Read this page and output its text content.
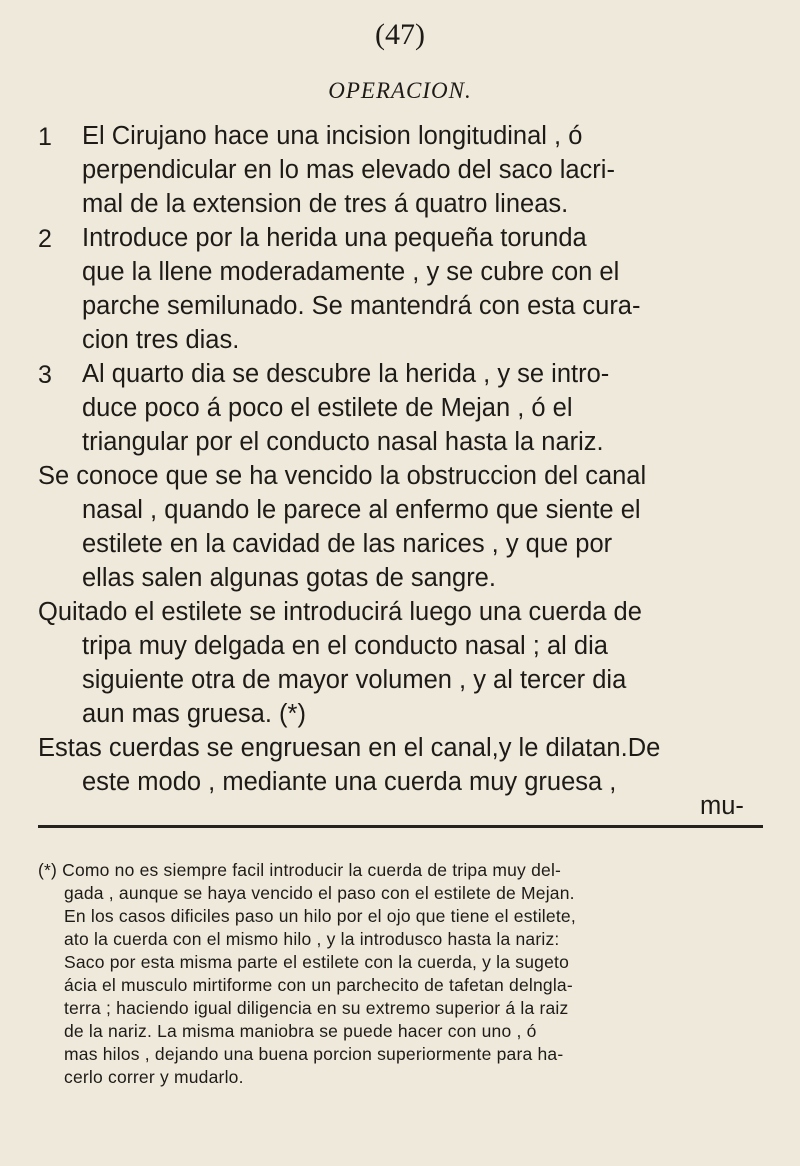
(47)
OPERACION.
1 El Cirujano hace una incision longitudinal , ó
perpendicular en lo mas elevado del saco lacri-
mal de la extension de tres á quatro lineas.
2 Introduce por la herida una pequeña torunda
que la llene moderadamente , y se cubre con el
parche semilunado. Se mantendrá con esta cura-
cion tres dias.
3 Al quarto dia se descubre la herida , y se intro-
duce poco á poco el estilete de Mejan , ó el
triangular por el conducto nasal hasta la nariz.
Se conoce que se ha vencido la obstruccion del canal
nasal , quando le parece al enfermo que siente el
estilete en la cavidad de las narices , y que por
ellas salen algunas gotas de sangre.
Quitado el estilete se introducirá luego una cuerda de
tripa muy delgada en el conducto nasal ; al dia
siguiente otra de mayor volumen , y al tercer dia
aun mas gruesa. (*)
Estas cuerdas se engruesan en el canal,y le dilatan.De
este modo , mediante una cuerda muy gruesa ,
mu-
(*) Como no es siempre facil introducir la cuerda de tripa muy del-
gada , aunque se haya vencido el paso con el estilete de Mejan.
En los casos dificiles paso un hilo por el ojo que tiene el estilete,
ato la cuerda con el mismo hilo , y la introdusco hasta la nariz:
Saco por esta misma parte el estilete con la cuerda, y la sugeto
ácia el musculo mirtiforme con un parchecito de tafetan delngla-
terra ; haciendo igual diligencia en su extremo superior á la raiz
de la nariz. La misma maniobra se puede hacer con uno , ó
mas hilos , dejando una buena porcion superiormente para ha-
cerlo correr y mudarlo.
